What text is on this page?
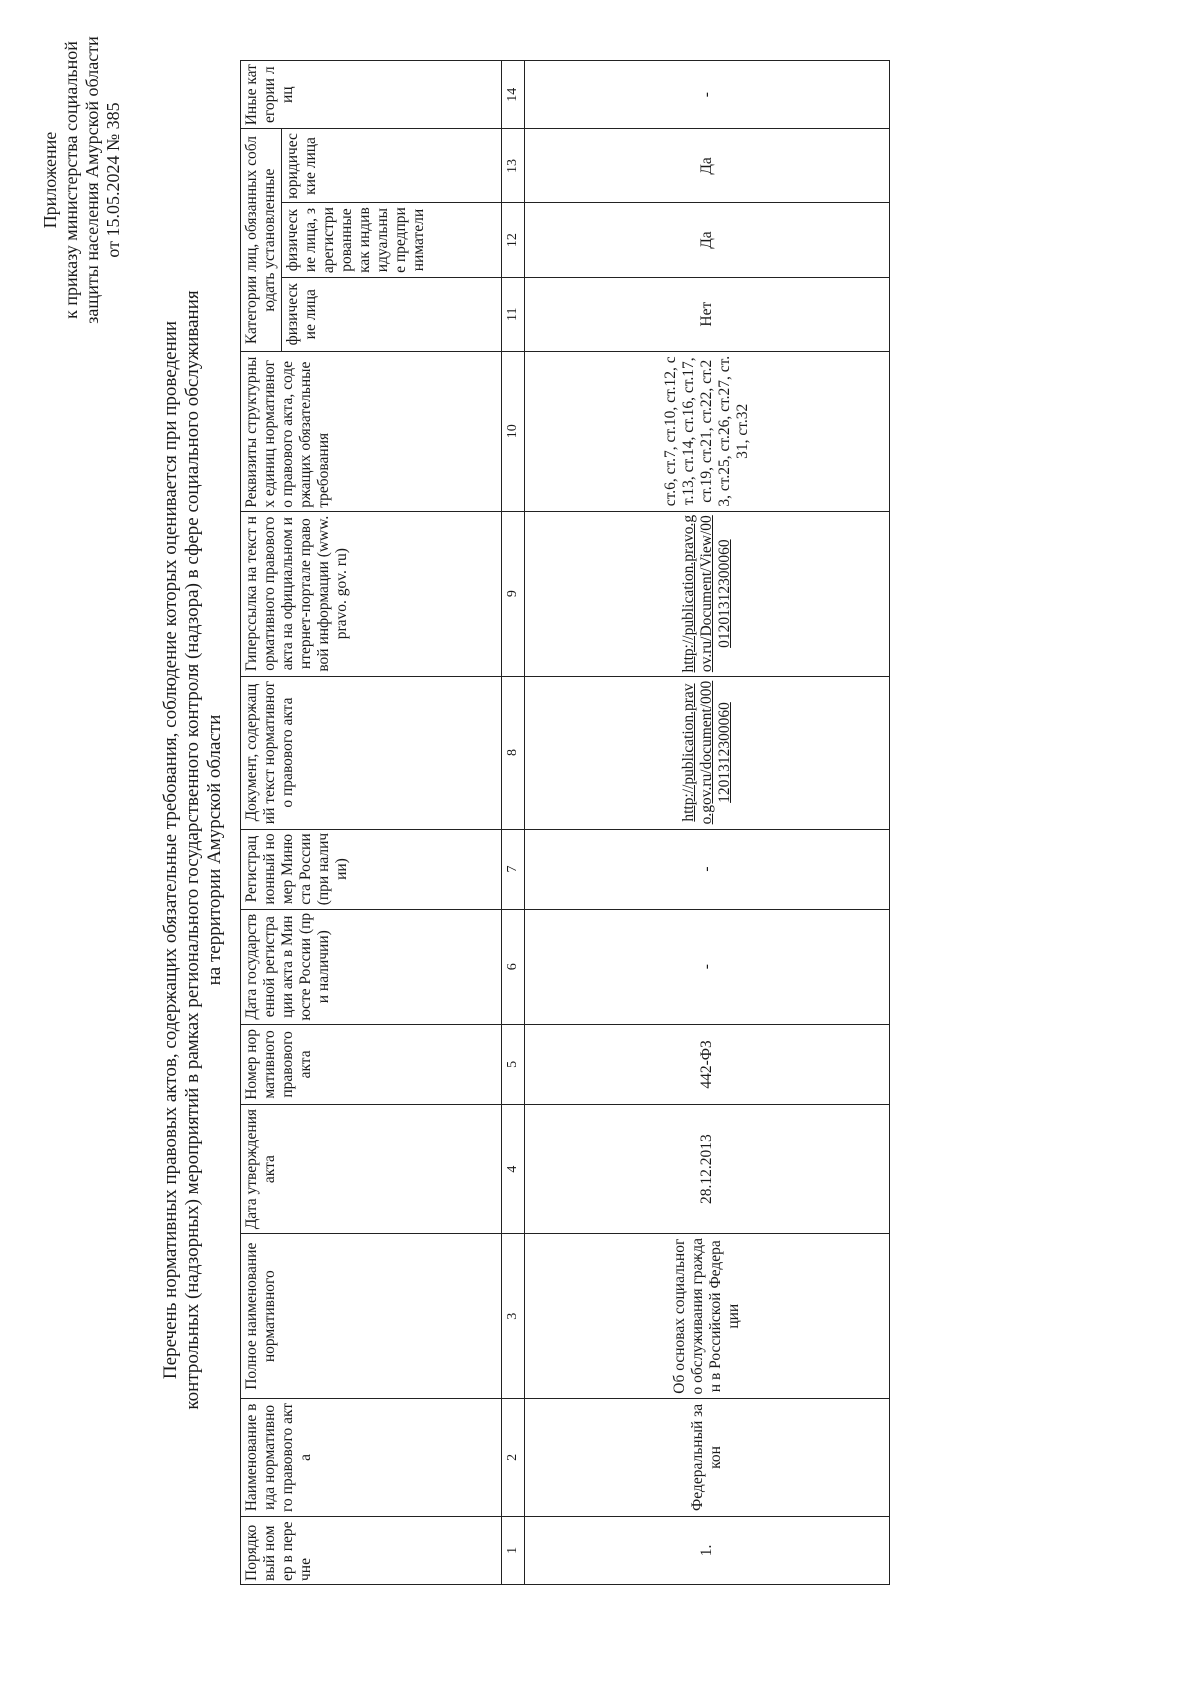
Приложение к приказу министерства социальной защиты населения Амурской области от 15.05.2024 № 385
Перечень нормативных правовых актов, содержащих обязательные требования, соблюдение которых оценивается при проведении контрольных (надзорных) мероприятий в рамках регионального государственного контроля (надзора) в сфере социального обслуживания на территории Амурской области
Порядковый номер в перечне	Наименование вида нормативного правового акта	Полное наименование нормативного	Дата утверждения акта	Номер нормативного правового акта	Дата государственной регистрации акта в Минюсте России (при наличии)	Регистрационный номер Минюста России (при наличии)	Документ, содержащий текст нормативного правового акта	Гиперссылка на текст нормативного правового акта на официальном интернет-портале правовой информации (www. pravo. gov. ru)	Реквизиты структурных единиц нормативного правового акта, содержащих обязательные требования	Категории лиц, обязанных соблюдать установленные			Иные категории лиц
										физические лица	физические лица, зарегистрированные как индивидуальные предприниматели	юридические лица	
1	2	3	4	5	6	7	8	9	10	11	12	13	14
1.	Федеральный закон	Об основах социального обслуживания граждан в Российской Федерации	28.12.2013	442-ФЗ	-	-	http://publication.pravo.gov.ru/document/0001201312300060	http://publication.pravo.gov.ru/Document/View/0001201312300060	ст.6, ст.7, ст.10, ст.12, ст.13, ст.14, ст.16, ст.17, ст.19, ст.21, ст.22, ст.23, ст.25, ст.26, ст.27, ст.31, ст.32	Нет	Да	Да	-
